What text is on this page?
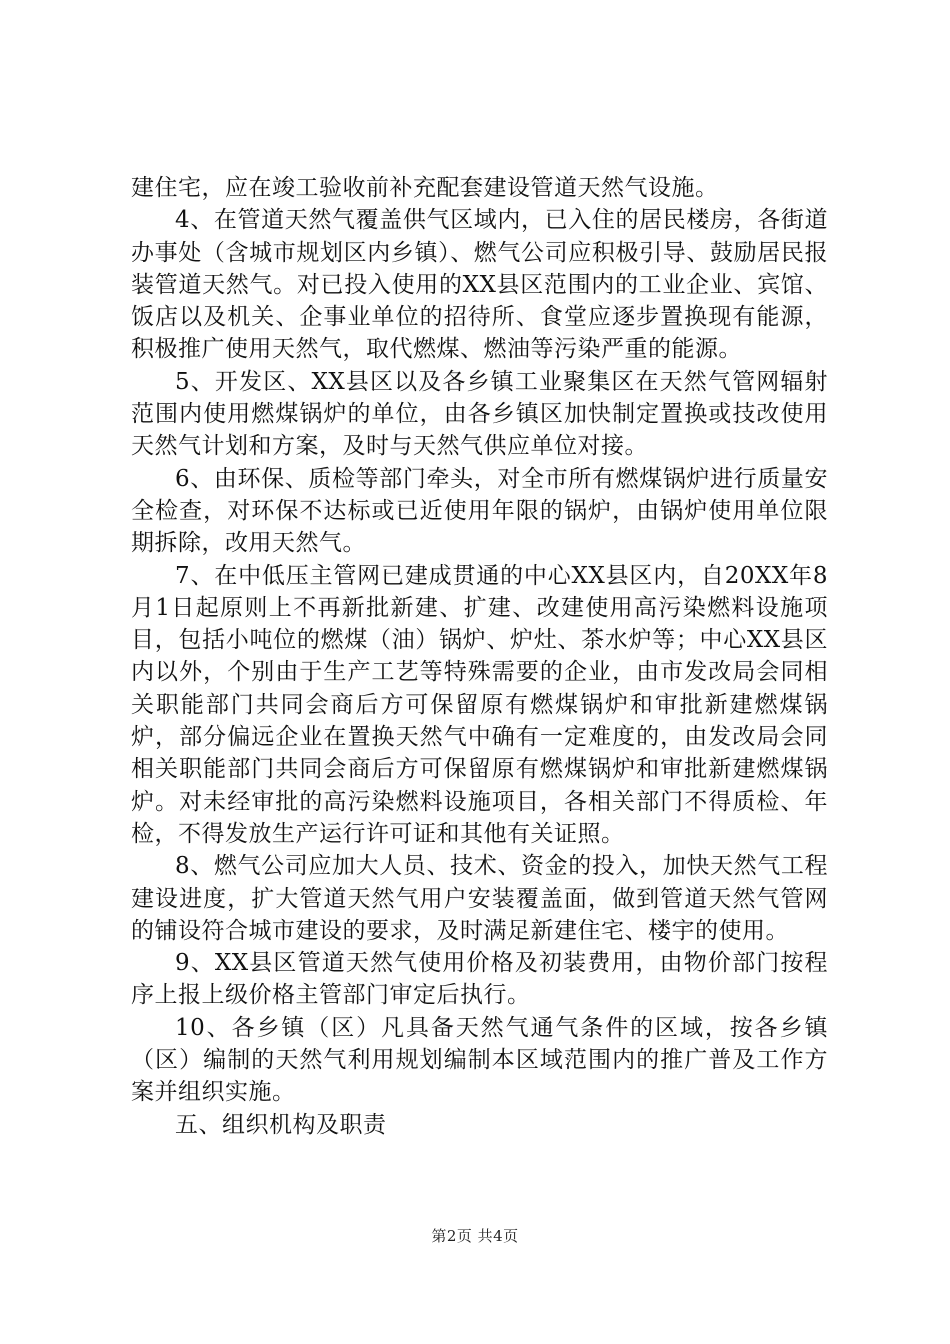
建住宅，应在竣工验收前补充配套建设管道天然气设施。

4、在管道天然气覆盖供气区域内，已入住的居民楼房，各街道办事处（含城市规划区内乡镇）、燃气公司应积极引导、鼓励居民报装管道天然气。对已投入使用的XX县区范围内的工业企业、宾馆、饭店以及机关、企事业单位的招待所、食堂应逐步置换现有能源，积极推广使用天然气，取代燃煤、燃油等污染严重的能源。

5、开发区、XX县区以及各乡镇工业聚集区在天然气管网辐射范围内使用燃煤锅炉的单位，由各乡镇区加快制定置换或技改使用天然气计划和方案，及时与天然气供应单位对接。

6、由环保、质检等部门牵头，对全市所有燃煤锅炉进行质量安全检查，对环保不达标或已近使用年限的锅炉，由锅炉使用单位限期拆除，改用天然气。

7、在中低压主管网已建成贯通的中心XX县区内，自20XX年8月1日起原则上不再新批新建、扩建、改建使用高污染燃料设施项目，包括小吨位的燃煤（油）锅炉、炉灶、茶水炉等；中心XX县区内以外，个别由于生产工艺等特殊需要的企业，由市发改局会同相关职能部门共同会商后方可保留原有燃煤锅炉和审批新建燃煤锅炉，部分偏远企业在置换天然气中确有一定难度的，由发改局会同相关职能部门共同会商后方可保留原有燃煤锅炉和审批新建燃煤锅炉。对未经审批的高污染燃料设施项目，各相关部门不得质检、年检，不得发放生产运行许可证和其他有关证照。

8、燃气公司应加大人员、技术、资金的投入，加快天然气工程建设进度，扩大管道天然气用户安装覆盖面，做到管道天然气管网的铺设符合城市建设的要求，及时满足新建住宅、楼宇的使用。

9、XX县区管道天然气使用价格及初装费用，由物价部门按程序上报上级价格主管部门审定后执行。

10、各乡镇（区）凡具备天然气通气条件的区域，按各乡镇（区）编制的天然气利用规划编制本区域范围内的推广普及工作方案并组织实施。

五、组织机构及职责

第2页 共4页
